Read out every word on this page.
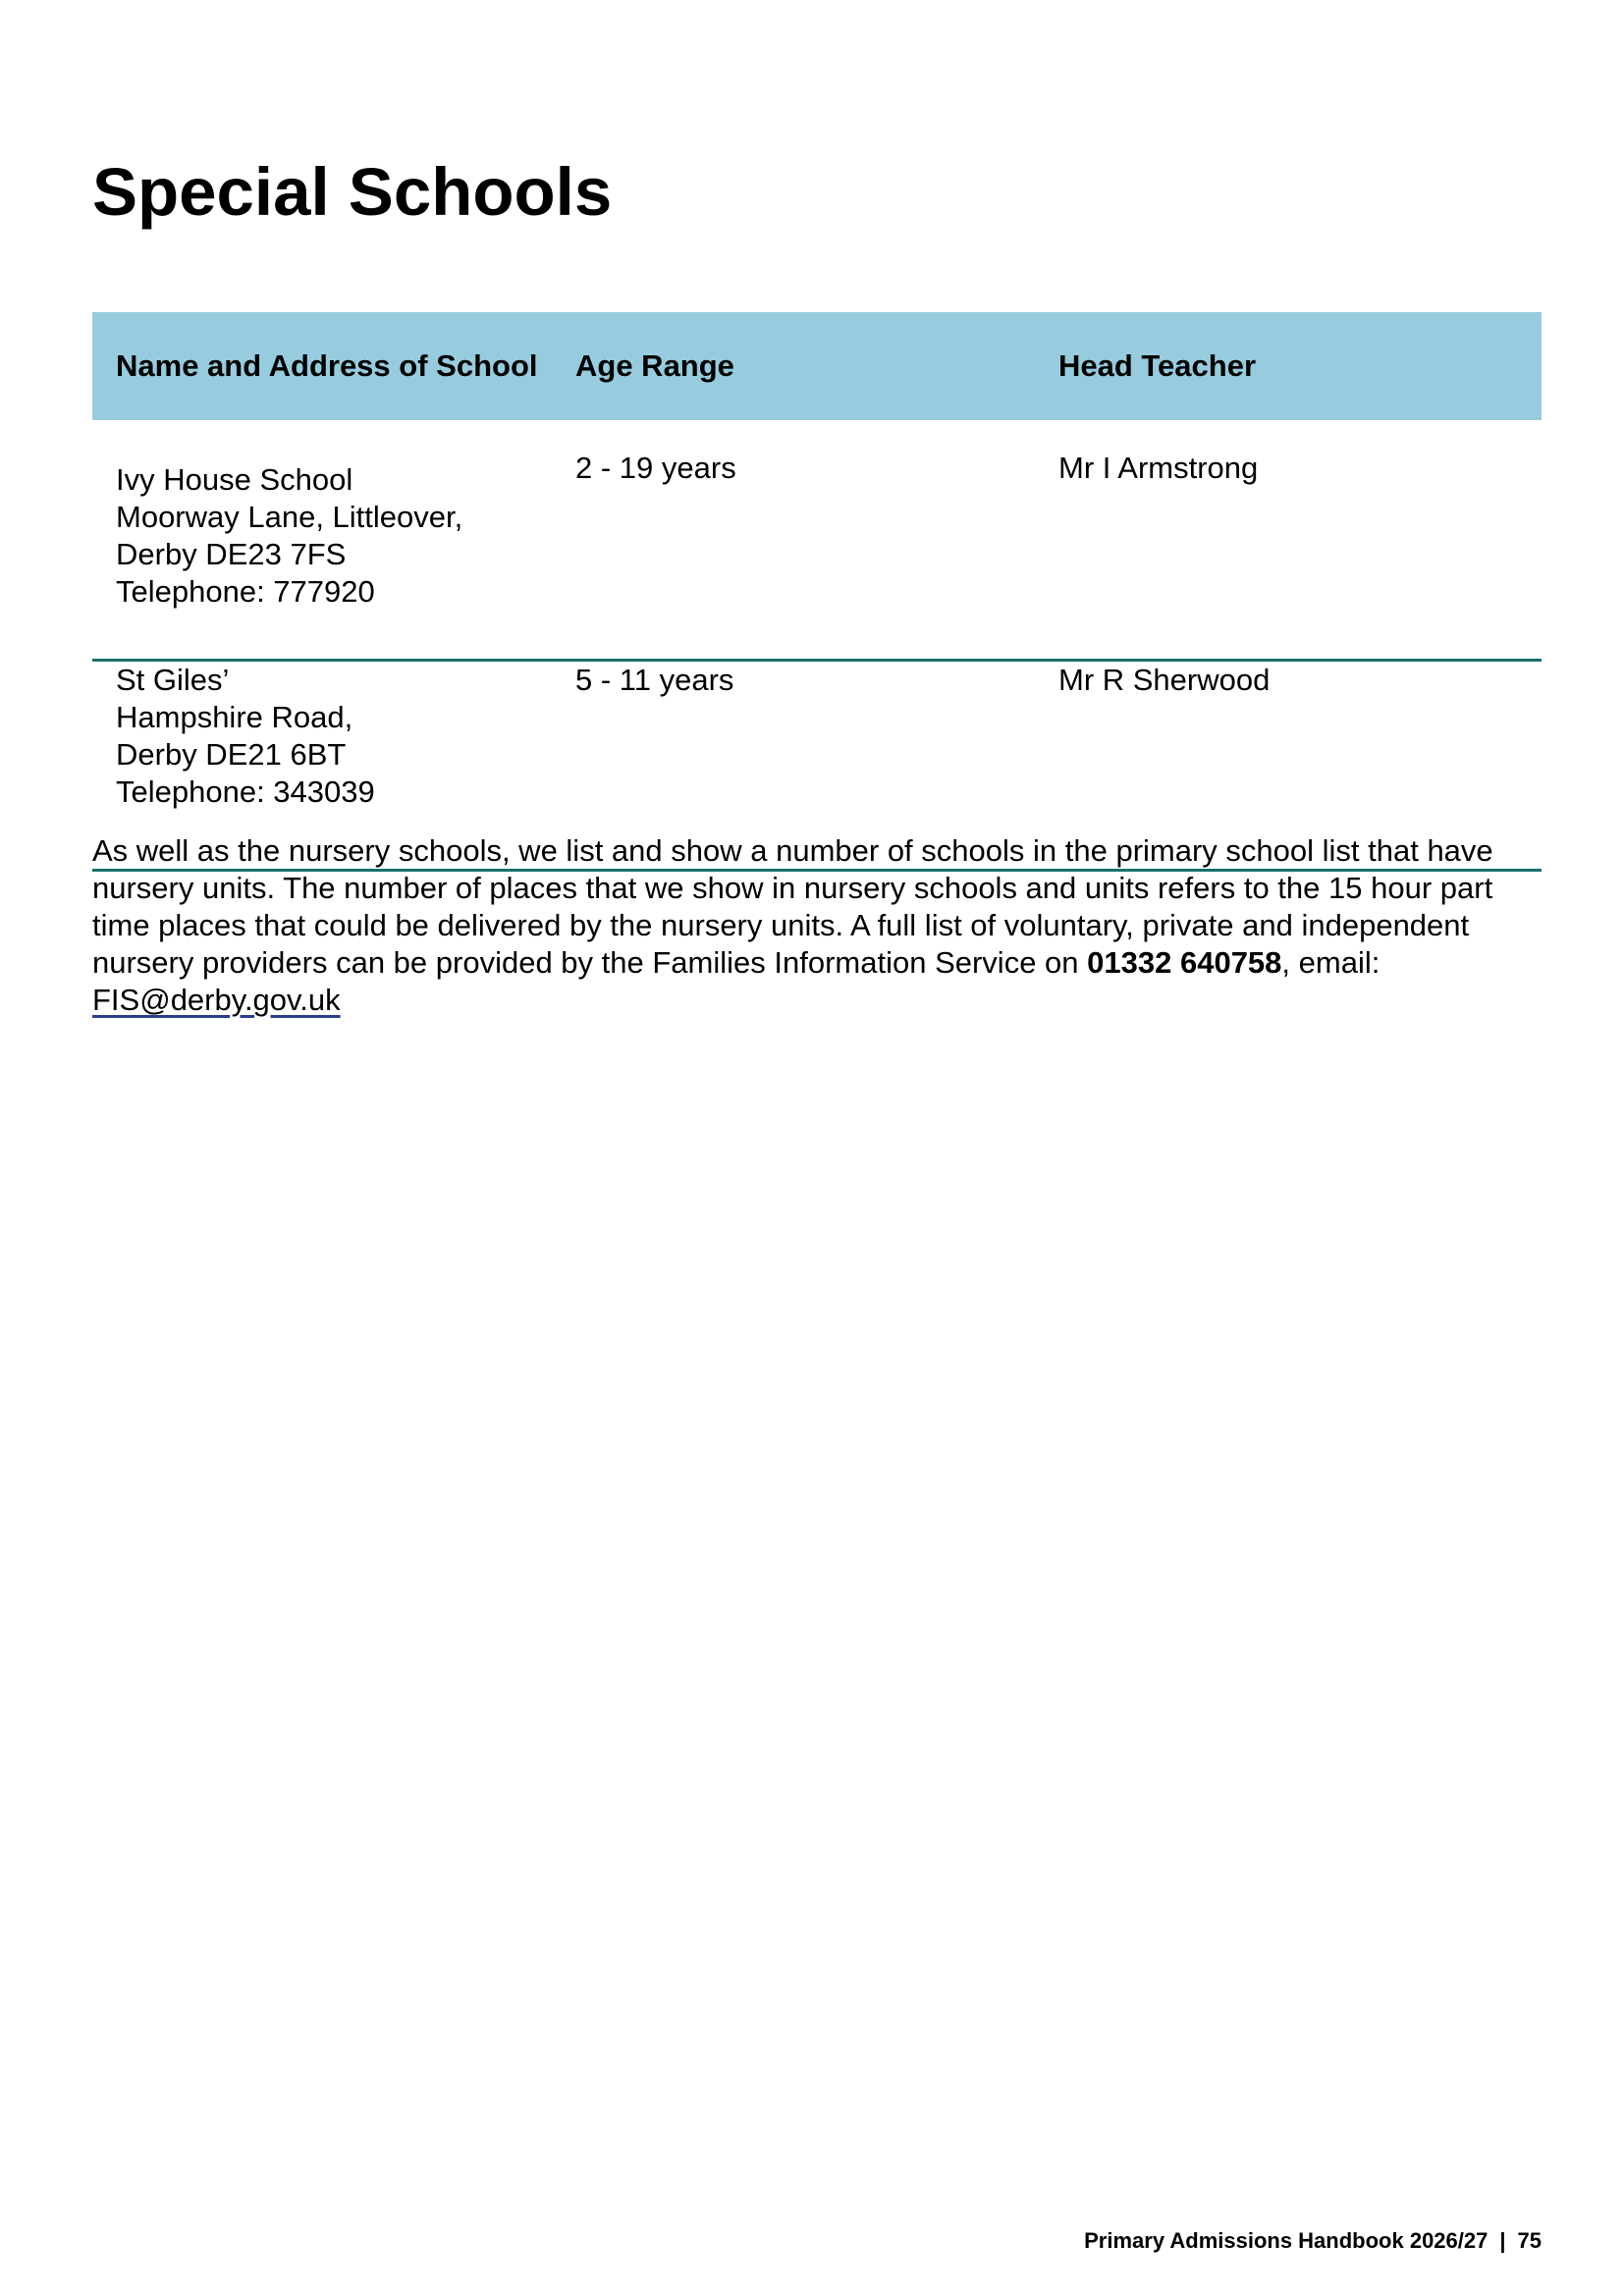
Special Schools
Name and Address of School	Age Range	Head Teacher

Ivy House School
Moorway Lane, Littleover,
Derby DE23 7FS
Telephone: 777920	2 - 19 years	Mr I Armstrong

St Giles’
Hampshire Road,
Derby DE21 6BT
Telephone: 343039	5 - 11 years	Mr R Sherwood

As well as the nursery schools, we list and show a number of schools in the primary school list that have nursery units. The number of places that we show in nursery schools and units refers to the 15 hour part time places that could be delivered by the nursery units. A full list of voluntary, private and independent nursery providers can be provided by the Families Information Service on 01332 640758, email: FIS@derby.gov.uk

Primary Admissions Handbook 2026/27 | 75
